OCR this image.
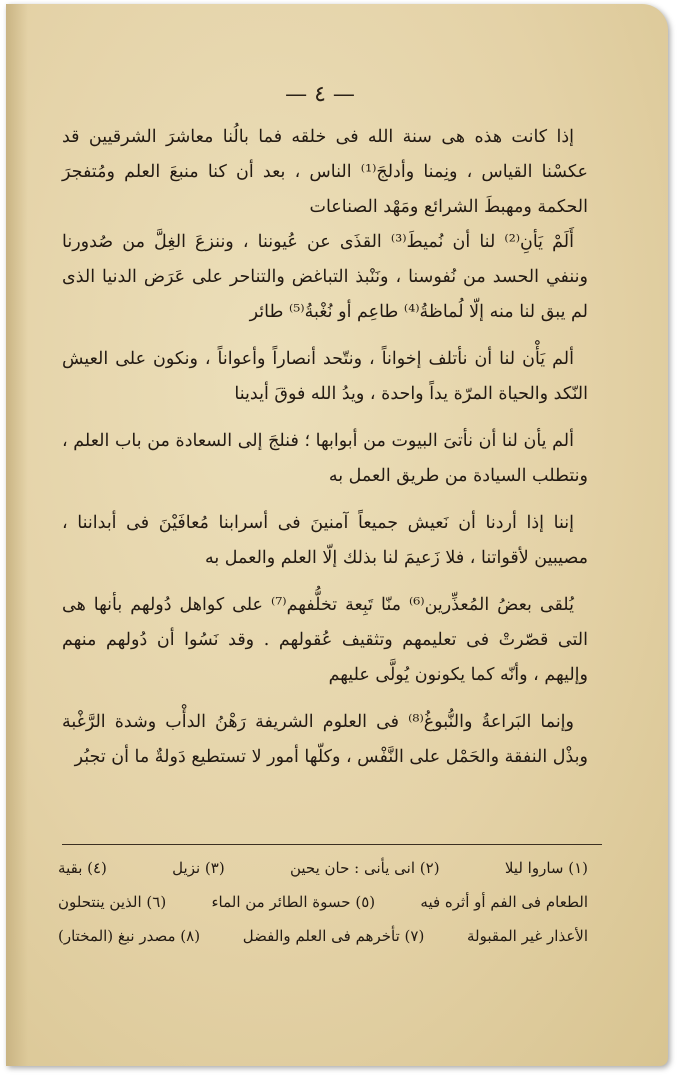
— ٤ —

إذا كانت هذه هى سنة الله فى خلقه فما بالُنا معاشرَ الشرقيين قد عكسْنا القياس ، ونِمنا وأدلجَ⁽¹⁾ الناس ، بعد أن كنا منبعَ العلم ومُتفجرَ الحكمة ومهبطَ الشرائع ومَهْد الصناعات

أَلَمْ يَأنِ⁽²⁾ لنا أن نُميطَ⁽³⁾ القذَى عن عُيوننا ، وننزعَ الغِلَّ من صُدورنا وننفي الحسد من نُفوسنا ، ونَنْبذ التباغض والتناحر على عَرَض الدنيا الذى لم يبق لنا منه إلّا لُماظةُ⁽⁴⁾ طاعِم أو نُغْبةُ⁽⁵⁾ طائر

ألم يَأْن لنا أن نأتلف إخواناً ، ونتّحد أنصاراً وأعواناً ، ونكون على العيش النّكد والحياة المرّة يداً واحدة ، ويدُ الله فوقَ أيدينا

ألم يأن لنا أن نأتىَ البيوت من أبوابها ؛ فنلجَ إلى السعادة من باب العلم ، ونتطلب السيادة من طريق العمل به

إننا إذا أردنا أن نَعيش جميعاً آمنينَ فى أسرابنا مُعافَيْنَ فى أبداننا ، مصيبين لأقواتنا ، فلا زَعيمَ لنا بذلك إلّا العلم والعمل به

يُلقى بعضُ المُعذِّرين⁽⁶⁾ منّا تَبِعة تخلُّفهم⁽⁷⁾ على كواهل دُولهم بأنها هى التى قصّرتْ فى تعليمهم وتثقيف عُقولهم . وقد نَسُوا أن دُولهم منهم وإليهم ، وأنّه كما يكونون يُولَّى عليهم

وإنما البَراعةُ والنُّبوغُ⁽⁸⁾ فى العلوم الشريفة رَهْنُ الدأْب وشدة الرَّغْبة وبذْل النفقة والحَمْل على النَّفْس ، وكلّها أمور لا تستطيع دَولةٌ ما أن تجبُر

(١) ساروا ليلا
(٢) انى يأنى : حان يحين
(٣) نزيل
(٤) بقية
الطعام فى الفم أو أثره فيه
(٥) حسوة الطائر من الماء
(٦) الذين ينتحلون
الأعذار غير المقبولة
(٧) تأخرهم فى العلم والفضل
(٨) مصدر نبغ (المختار)
